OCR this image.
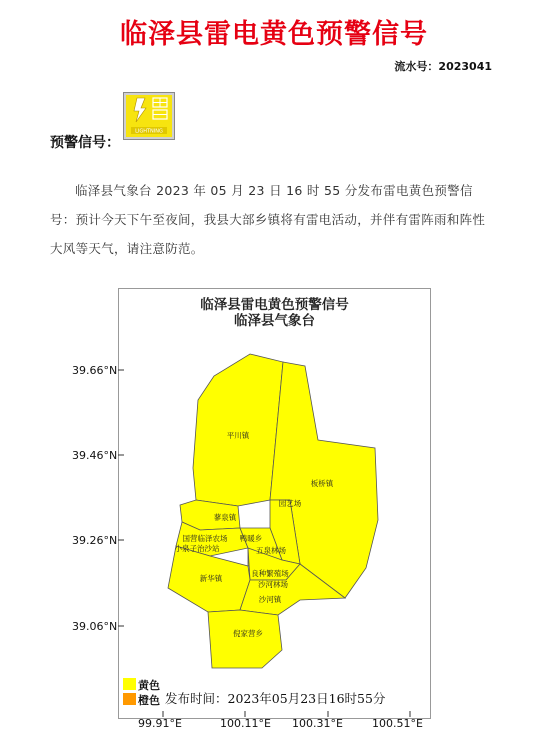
临泽县雷电黄色预警信号
流水号：2023041
预警信号：
LIGHTNING
临泽县气象台 2023 年 05 月 23 日 16 时 55 分发布雷电黄色预警信号：预计今天下午至夜间，我县大部乡镇将有雷电活动，并伴有雷阵雨和阵性大风等天气，请注意防范。
临泽县雷电黄色预警信号
临泽县气象台
平川镇
板桥镇
蓼泉镇
国营临泽农场
小泉子治沙站
鸭暖乡
五泉林场
新华镇
良种繁殖场
沙河林场
沙河镇
倪家营乡
园艺场
39.66°N
39.46°N
39.26°N
39.06°N
99.91°E	100.11°E 100.31°E	100.51°E
黄色
橙色 发布时间：2023年05月23日16时55分
